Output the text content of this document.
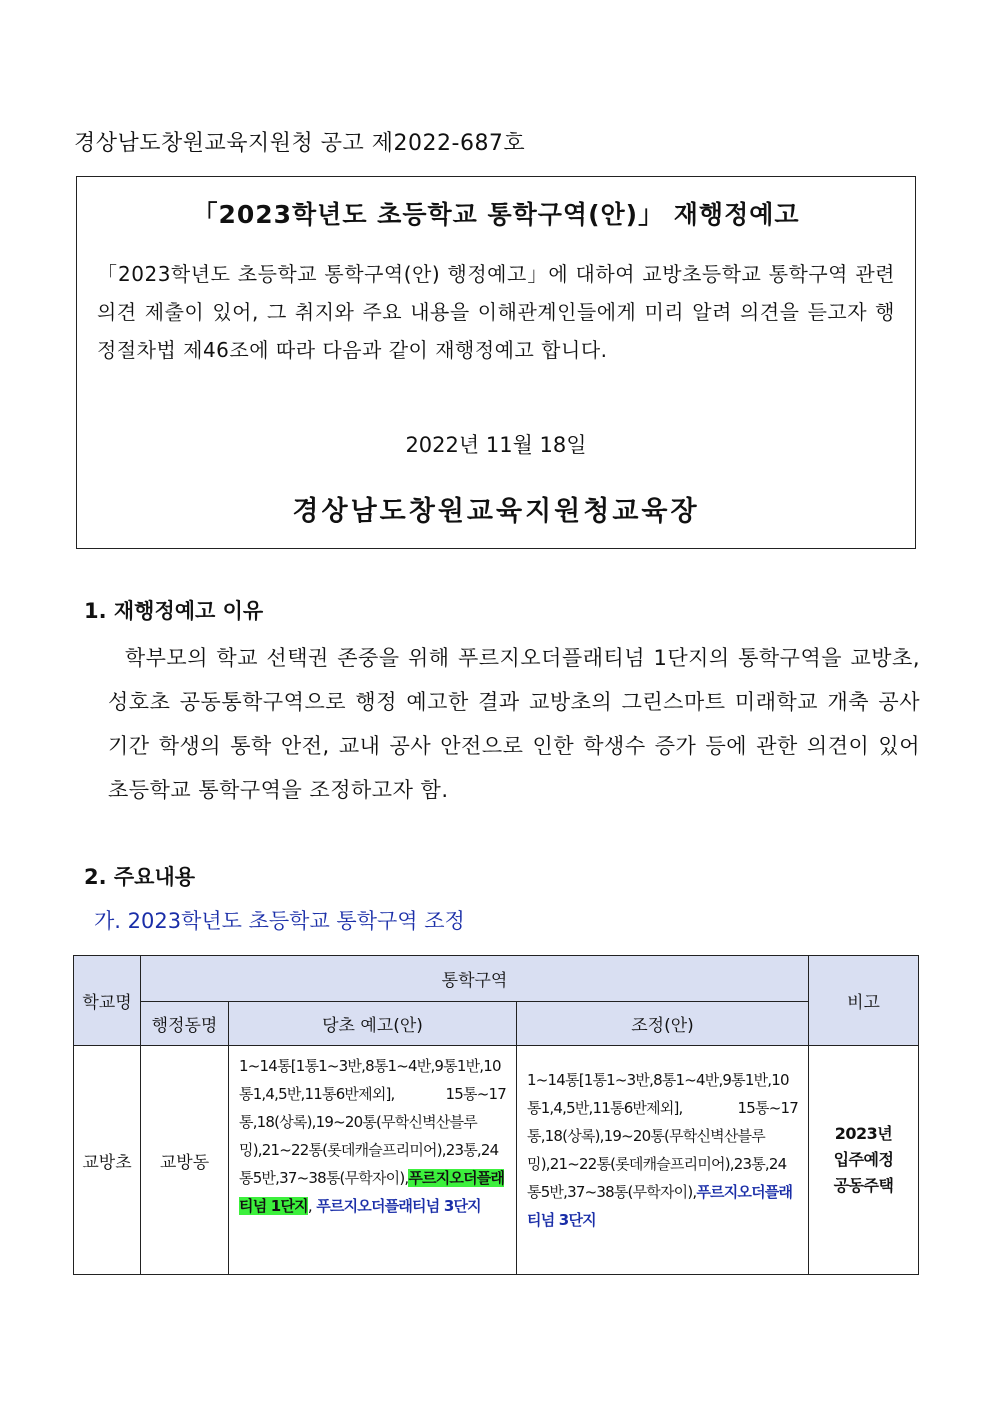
경상남도창원교육지원청 공고 제2022-687호
「2023학년도 초등학교 통학구역(안)」 재행정예고
「2023학년도 초등학교 통학구역(안) 행정예고」에 대하여 교방초등학교 통학구역 관련 의견 제출이 있어, 그 취지와 주요 내용을 이해관계인들에게 미리 알려 의견을 듣고자 행정절차법 제46조에 따라 다음과 같이 재행정예고 합니다.
2022년 11월 18일
경상남도창원교육지원청교육장
1. 재행정예고 이유
학부모의 학교 선택권 존중을 위해 푸르지오더플래티넘 1단지의 통학구역을 교방초, 성호초 공동통학구역으로 행정 예고한 결과 교방초의 그린스마트 미래학교 개축 공사기간 학생의 통학 안전, 교내 공사 안전으로 인한 학생수 증가 등에 관한 의견이 있어 초등학교 통학구역을 조정하고자 함.
2. 주요내용
가. 2023학년도 초등학교 통학구역 조정
학교명	통학구역			비고
	행정동명	당초 예고(안)	조정(안)	
교방초	교방동	1~14통[1통1~3반,8통1~4반,9통1반,10통1,4,5반,11통6반제외], 15통~17통,18(상록),19~20통(무학신벽산블루밍),21~22통(롯데캐슬프리미어),23통,24통5반,37~38통(무학자이),푸르지오더플래티넘 1단지, 푸르지오더플래티넘 3단지	1~14통[1통1~3반,8통1~4반,9통1반,10통1,4,5반,11통6반제외], 15통~17통,18(상록),19~20통(무학신벽산블루밍),21~22통(롯데캐슬프리미어),23통,24통5반,37~38통(무학자이),푸르지오더플래티넘 3단지	2023년
입주예정
공동주택
